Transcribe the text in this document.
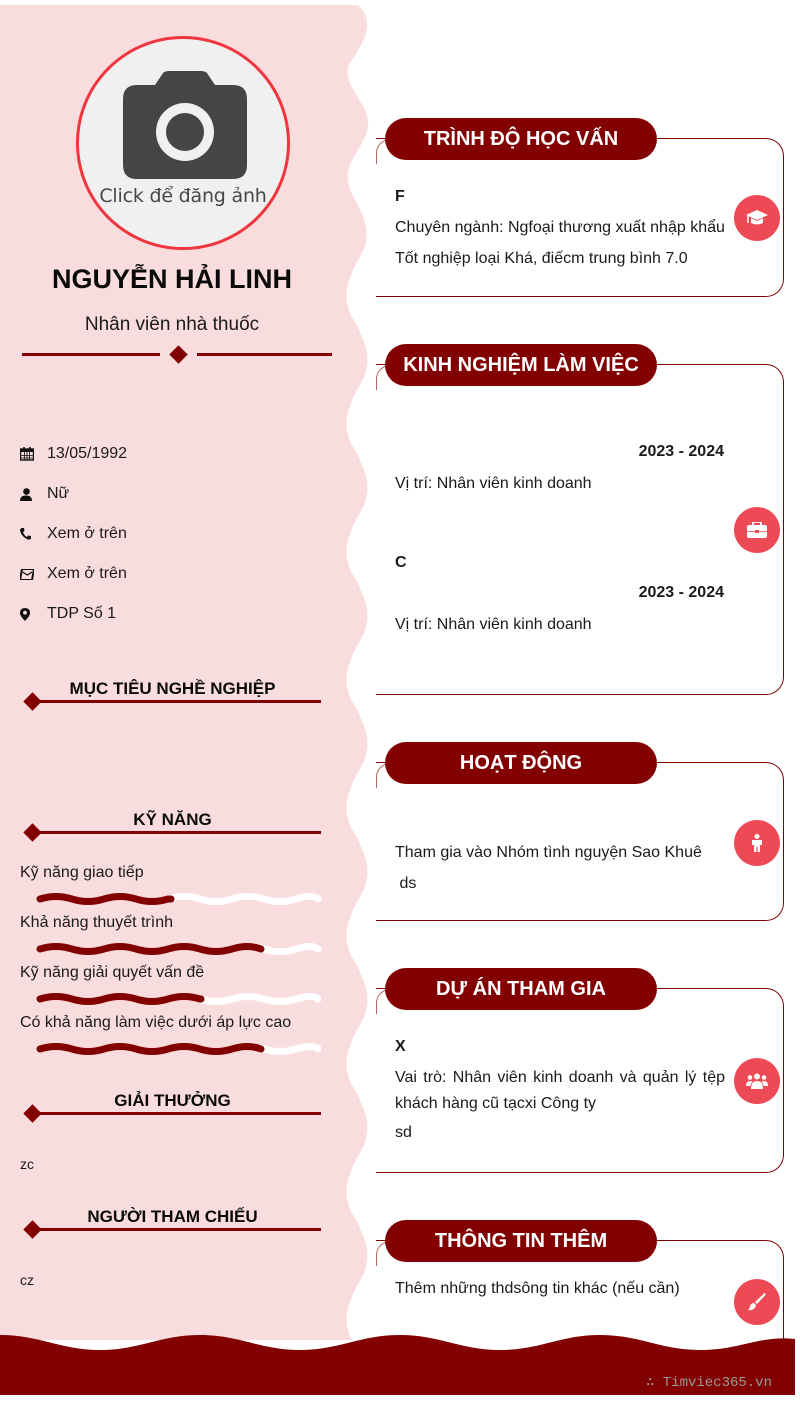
Click để đăng ảnh
NGUYỄN HẢI LINH
Nhân viên nhà thuốc
13/05/1992
Nữ
Xem ở trên
Xem ở trên
TDP Số 1
MỤC TIÊU NGHỀ NGHIỆP
KỸ NĂNG
Kỹ năng giao tiếp
Khả năng thuyết trình
Kỹ năng giải quyết vấn đề
Có khả năng làm việc dưới áp lực cao
GIẢI THƯỞNG
zc
NGƯỜI THAM CHIẾU
cz
TRÌNH ĐỘ HỌC VẤN
F
Chuyên ngành: Ngfoại thương xuất nhập khẩu
Tốt nghiệp loại Khá, điếcm trung bình 7.0
KINH NGHIỆM LÀM VIỆC
2023 - 2024
Vị trí: Nhân viên kinh doanh
C
2023 - 2024
Vị trí: Nhân viên kinh doanh
HOẠT ĐỘNG
Tham gia vào Nhóm tình nguyện Sao Khuê
ds
DỰ ÁN THAM GIA
X
Vai trò: Nhân viên kinh doanh và quản lý tệp khách hàng cũ tạcxi Công ty
sd
THÔNG TIN THÊM
Thêm những thdsông tin khác (nếu cần)
∴ Timviec365.vn
